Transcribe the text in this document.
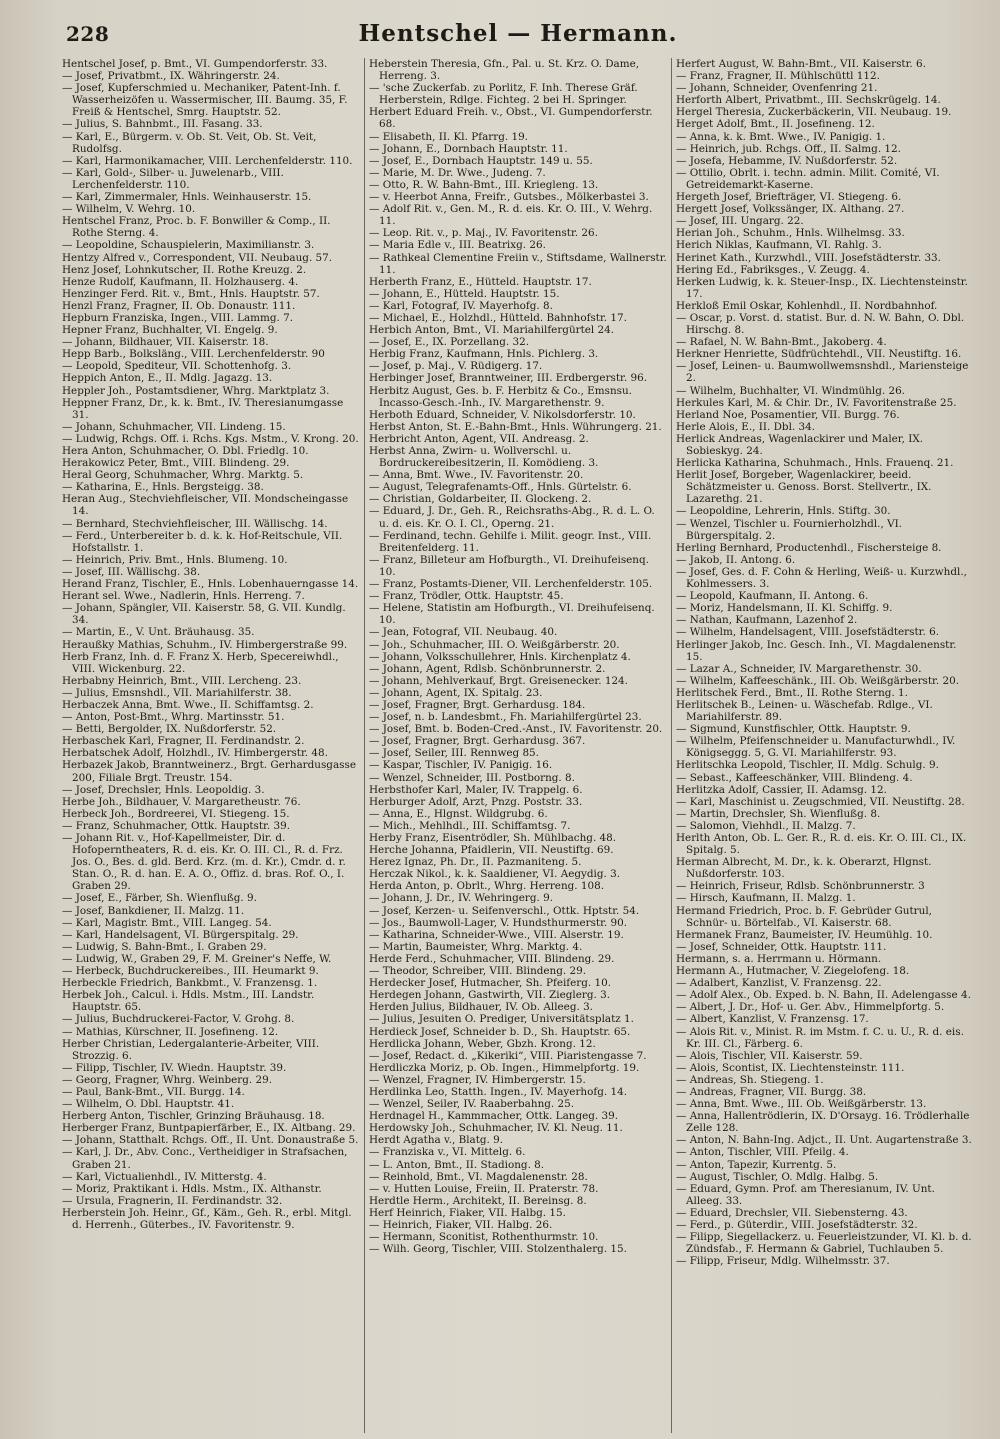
228	Hentschel — Hermann.
Hentschel Josef, p. Bmt., VI. Gumpendorferstr. 33.
— Josef, Privatbmt., IX. Währingerstr. 24.
— Josef, Kupferschmied u. Mechaniker, Patent-Inh. f. Wasserheizöfen u. Wassermischer, III. Baumg. 35, F. Freiß & Hentschel, Smrg. Hauptstr. 52.
— Julius, S. Bahnbmt., III. Fasang. 33.
— Karl, E., Bürgerm. v. Ob. St. Veit, Ob. St. Veit, Rudolfsg.
— Karl, Harmonikamacher, VIII. Lerchenfelderstr. 110.
— Karl, Gold-, Silber- u. Juwelenarb., VIII. Lerchenfelderstr. 110.
— Karl, Zimmermaler, Hnls. Weinhauserstr. 15.
— Wilhelm, V. Wehrg. 10.
Hentschel Franz, Proc. b. F. Bonwiller & Comp., II. Rothe Sterng. 4.
— Leopoldine, Schauspielerin, Maximilianstr. 3.
Hentzy Alfred v., Correspondent, VII. Neubaug. 57.
Henz Josef, Lohnkutscher, II. Rothe Kreuzg. 2.
Henze Rudolf, Kaufmann, II. Holzhauserg. 4.
Henzinger Ferd. Rit. v., Bmt., Hnls. Hauptstr. 57.
Henzl Franz, Fragner, II. Ob. Donaustr. 111.
Hepburn Franziska, Ingen., VIII. Lammg. 7.
Hepner Franz, Buchhalter, VI. Engelg. 9.
— Johann, Bildhauer, VII. Kaiserstr. 18.
Hepp Barb., Bolksläng., VIII. Lerchenfelderstr. 90
— Leopold, Spediteur, VII. Schottenhofg. 3.
Heppich Anton, E., II. Mdlg. Jagazg. 13.
Heppler Joh., Postamtsdiener, Whrg. Marktplatz 3.
Heppner Franz, Dr., k. k. Bmt., IV. Theresianumgasse 31.
— Johann, Schuhmacher, VII. Lindeng. 15.
— Ludwig, Rchgs. Off. i. Rchs. Kgs. Mstm., V. Krong. 20.
Hera Anton, Schuhmacher, O. Dbl. Friedlg. 10.
Herakowicz Peter, Bmt., VIII. Blindeng. 29.
Heral Georg, Schuhmacher, Whrg. Marktg. 5.
— Katharina, E., Hnls. Bergsteigg. 38.
Heran Aug., Stechviehfleischer, VII. Mondscheingasse 14.
— Bernhard, Stechviehfleischer, III. Wällischg. 14.
— Ferd., Unterbereiter b. d. k. k. Hof-Reitschule, VII. Hofstallstr. 1.
— Heinrich, Priv. Bmt., Hnls. Blumeng. 10.
— Josef, III. Wällischg. 38.
Herand Franz, Tischler, E., Hnls. Lobenhauerngasse 14.
Herant sel. Wwe., Nadlerin, Hnls. Herreng. 7.
— Johann, Spängler, VII. Kaiserstr. 58, G. VII. Kundlg. 34.
— Martin, E., V. Unt. Bräuhausg. 35.
Heraußky Mathias, Schuhm., IV. Himbergerstraße 99.
Herb Franz, Inh. d. F. Franz X. Herb, Specereiwhdl., VIII. Wickenburg. 22.
Herbabny Heinrich, Bmt., VIII. Lercheng. 23.
— Julius, Emsnshdl., VII. Mariahilferstr. 38.
Herbaczek Anna, Bmt. Wwe., II. Schiffamtsg. 2.
— Anton, Post-Bmt., Whrg. Martinsstr. 51.
— Betti, Bergolder, IX. Nußdorferstr. 52.
Herbaschek Karl, Fragner, II. Ferdinandstr. 2.
Herbatschek Adolf, Holzhdl., IV. Himbergerstr. 48.
Herbazek Jakob, Branntweinerz., Brgt. Gerhardusgasse 200, Filiale Brgt. Treustr. 154.
— Josef, Drechsler, Hnls. Leopoldig. 3.
Herbe Joh., Bildhauer, V. Margaretheustr. 76.
Herbeck Joh., Bordreerei, VI. Stiegeng. 15.
— Franz, Schuhmacher, Ottk. Hauptstr. 39.
— Johann Rit. v., Hof-Kapellmeister, Dir. d. Hofoperntheaters, R. d. eis. Kr. O. III. Cl., R. d. Frz. Jos. O., Bes. d. gld. Berd. Krz. (m. d. Kr.), Cmdr. d. r. Stan. O., R. d. han. E. A. O., Offiz. d. bras. Rof. O., I. Graben 29.
— Josef, E., Färber, Sh. Wienflußg. 9.
— Josef, Bankdiener, II. Malzg. 11.
— Karl, Magistr. Bmt., VIII. Langeg. 54.
— Karl, Handelsagent, VI. Bürgerspitalg. 29.
— Ludwig, S. Bahn-Bmt., I. Graben 29.
— Ludwig, W., Graben 29, F. M. Greiner's Neffe, W.
— Herbeck, Buchdruckereibes., III. Heumarkt 9.
Herbeckle Friedrich, Bankbmt., V. Franzensg. 1.
Herbek Joh., Calcul. i. Hdls. Mstm., III. Landstr. Hauptstr. 65.
— Julius, Buchdruckerei-Factor, V. Grohg. 8.
— Mathias, Kürschner, II. Josefineng. 12.
Herber Christian, Ledergalanterie-Arbeiter, VIII. Strozzig. 6.
— Filipp, Tischler, IV. Wiedn. Hauptstr. 39.
— Georg, Fragner, Whrg. Weinberg. 29.
— Paul, Bank-Bmt., VII. Burgg. 14.
— Wilhelm, O. Dbl. Hauptstr. 41.
Herberg Anton, Tischler, Grinzing Bräuhausg. 18.
Herberger Franz, Buntpapierfärber, E., IX. Altbang. 29.
— Johann, Statthalt. Rchgs. Off., II. Unt. Donaustraße 5.
— Karl, J. Dr., Abv. Conc., Vertheidiger in Strafsachen, Graben 21.
— Karl, Victualienhdl., IV. Mitterstg. 4.
— Moriz, Praktikant i. Hdls. Mstm., IX. Althanstr.
— Ursula, Fragnerin, II. Ferdinandstr. 32.
Herberstein Joh. Heinr., Gf., Käm., Geh. R., erbl. Mitgl. d. Herrenh., Güterbes., IV. Favoritenstr. 9.
Heberstein Theresia, Gfn., Pal. u. St. Krz. O. Dame, Herreng. 3.
— 'sche Zuckerfab. zu Porlitz, F. Inh. Therese Gräf. Herberstein, Rdlge. Fichteg. 2 bei H. Springer.
Herbert Eduard Freih. v., Obst., VI. Gumpendorferstr. 68.
— Elisabeth, II. Kl. Pfarrg. 19.
— Johann, E., Dornbach Hauptstr. 11.
— Josef, E., Dornbach Hauptstr. 149 u. 55.
— Marie, M. Dr. Wwe., Judeng. 7.
— Otto, R. W. Bahn-Bmt., III. Kriegleng. 13.
— v. Heerbot Anna, Freifr., Gutsbes., Mölkerbastei 3.
— Adolf Rit. v., Gen. M., R. d. eis. Kr. O. III., V. Wehrg. 11.
— Leop. Rit. v., p. Maj., IV. Favoritenstr. 26.
— Maria Edle v., III. Beatrixg. 26.
— Rathkeal Clementine Freiin v., Stiftsdame, Wallnerstr. 11.
Herberth Franz, E., Hütteld. Hauptstr. 17.
— Johann, E., Hütteld. Hauptstr. 15.
— Karl, Fotograf, IV. Mayerhofg. 8.
— Michael, E., Holzhdl., Hütteld. Bahnhofstr. 17.
Herbich Anton, Bmt., VI. Mariahilfergürtel 24.
— Josef, E., IX. Porzellang. 32.
Herbig Franz, Kaufmann, Hnls. Pichlerg. 3.
— Josef, p. Maj., V. Rüdigerg. 17.
Herbinger Josef, Branntweiner, III. Erdbergerstr. 96.
Herbitz August, Ges. b. F. Herbitz & Co., Emsnsu. Incasso-Gesch.-Inh., IV. Margarethenstr. 9.
Herboth Eduard, Schneider, V. Nikolsdorferstr. 10.
Herbst Anton, St. E.-Bahn-Bmt., Hnls. Wührungerg. 21.
Herbricht Anton, Agent, VII. Andreasg. 2.
Herbst Anna, Zwirn- u. Wollverschl. u. Bordruckereibesitzerin, II. Komödieng. 3.
— Anna, Bmt. Wwe., IV. Favoritenstr. 20.
— August, Telegrafenamts-Off., Hnls. Gürtelstr. 6.
— Christian, Goldarbeiter, II. Glockeng. 2.
— Eduard, J. Dr., Geh. R., Reichsraths-Abg., R. d. L. O. u. d. eis. Kr. O. I. Cl., Operng. 21.
— Ferdinand, techn. Gehilfe i. Milit. geogr. Inst., VIII. Breitenfelderg. 11.
— Franz, Billeteur am Hofburgth., VI. Dreihufeisenq. 10.
— Franz, Postamts-Diener, VII. Lerchenfelderstr. 105.
— Franz, Trödler, Ottk. Hauptstr. 45.
— Helene, Statistin am Hofburgth., VI. Dreihufeisenq. 10.
— Jean, Fotograf, VII. Neubaug. 40.
— Joh., Schuhmacher, III. O. Weißgärberstr. 20.
— Johann, Volksschullehrer, Hnls. Kirchenplatz 4.
— Johann, Agent, Rdlsb. Schönbrunnerstr. 2.
— Johann, Mehlverkauf, Brgt. Greisenecker. 124.
— Johann, Agent, IX. Spitalg. 23.
— Josef, Fragner, Brgt. Gerhardusg. 184.
— Josef, n. b. Landesbmt., Fh. Mariahilfergürtel 23.
— Josef, Bmt. b. Boden-Cred.-Anst., IV. Favoritenstr. 20.
— Josef, Fragner, Brgt. Gerhardusg. 367.
— Josef, Seiler, III. Rennweg 85.
— Kaspar, Tischler, IV. Panigig. 16.
— Wenzel, Schneider, III. Postborng. 8.
Herbsthofer Karl, Maler, IV. Trappelg. 6.
Herburger Adolf, Arzt, Pnzg. Poststr. 33.
— Anna, E., Hlgnst. Wildgrubg. 6.
— Mich., Mehlhdl., III. Schiffamtsg. 7.
Herby Franz, Eisentrödler, Sh. Mühlbachg. 48.
Herche Johanna, Pfaidlerin, VII. Neustiftg. 69.
Herez Ignaz, Ph. Dr., II. Pazmaniteng. 5.
Herczak Nikol., k. k. Saaldiener, VI. Aegydig. 3.
Herda Anton, p. Obrlt., Whrg. Herreng. 108.
— Johann, J. Dr., IV. Wehringerg. 9.
— Josef, Kerzen- u. Seifenverschl., Ottk. Hptstr. 54.
— Jos., Baumwoll-Lager, V. Hundsthurmerstr. 90.
— Katharina, Schneider-Wwe., VIII. Alserstr. 19.
— Martin, Baumeister, Whrg. Marktg. 4.
Herde Ferd., Schuhmacher, VIII. Blindeng. 29.
— Theodor, Schreiber, VIII. Blindeng. 29.
Herdecker Josef, Hutmacher, Sh. Pfeiferg. 10.
Herdegen Johann, Gastwirth, VII. Zieglerg. 3.
Herden Julius, Bildhauer, IV. Ob. Alleeg. 3.
— Julius, Jesuiten O. Prediger, Universitätsplatz 1.
Herdieck Josef, Schneider b. D., Sh. Hauptstr. 65.
Herdlicka Johann, Weber, Gbzh. Krong. 12.
— Josef, Redact. d. „Kikeriki“, VIII. Piaristengasse 7.
Herdliczka Moriz, p. Ob. Ingen., Himmelpfortg. 19.
— Wenzel, Fragner, IV. Himbergerstr. 15.
Herdlinka Leo, Statth. Ingen., IV. Mayerhofg. 14.
— Wenzel, Seiler, IV. Raaberbahng. 25.
Herdnagel H., Kammmacher, Ottk. Langeg. 39.
Herdowsky Joh., Schuhmacher, IV. Kl. Neug. 11.
Herdt Agatha v., Blatg. 9.
— Franziska v., VI. Mittelg. 6.
— L. Anton, Bmt., II. Stadiong. 8.
— Reinhold, Bmt., VI. Magdalenenstr. 28.
— v. Hutten Louise, Freiin, II. Praterstr. 78.
Herdtle Herm., Architekt, II. Bereinsg. 8.
Herf Heinrich, Fiaker, VII. Halbg. 15.
— Heinrich, Fiaker, VII. Halbg. 26.
— Hermann, Sconitist, Rothenthurmstr. 10.
— Wilh. Georg, Tischler, VIII. Stolzenthalerg. 15.
Herfert August, W. Bahn-Bmt., VII. Kaiserstr. 6.
— Franz, Fragner, II. Mühlschüttl 112.
— Johann, Schneider, Ovenfenring 21.
Herforth Albert, Privatbmt., III. Sechskrügelg. 14.
Hergel Theresia, Zuckerbäckerin, VII. Neubaug. 19.
Herget Adolf, Bmt., II. Josefineng. 12.
— Anna, k. k. Bmt. Wwe., IV. Panigig. 1.
— Heinrich, jub. Rchgs. Off., II. Salmg. 12.
— Josefa, Hebamme, IV. Nußdorferstr. 52.
— Ottilio, Obrlt. i. techn. admin. Milit. Comité, VI. Getreidemarkt-Kaserne.
Hergeth Josef, Briefträger, VI. Stiegeng. 6.
Hergett Josef, Volkssänger, IX. Althang. 27.
— Josef, III. Ungarg. 22.
Herian Joh., Schuhm., Hnls. Wilhelmsg. 33.
Herich Niklas, Kaufmann, VI. Rahlg. 3.
Herinet Kath., Kurzwhdl., VIII. Josefstädterstr. 33.
Hering Ed., Fabriksges., V. Zeugg. 4.
Herken Ludwig, k. k. Steuer-Insp., IX. Liechtensteinstr. 17.
Herkloß Emil Oskar, Kohlenhdl., II. Nordbahnhof.
— Oscar, p. Vorst. d. statist. Bur. d. N. W. Bahn, O. Dbl. Hirschg. 8.
— Rafael, N. W. Bahn-Bmt., Jakoberg. 4.
Herkner Henriette, Südfrüchtehdl., VII. Neustiftg. 16.
— Josef, Leinen- u. Baumwollwemsnshdl., Mariensteige 2.
— Wilhelm, Buchhalter, VI. Windmühlg. 26.
Herkules Karl, M. & Chir. Dr., IV. Favoritenstraße 25.
Herland Noe, Posamentier, VII. Burgg. 76.
Herle Alois, E., II. Dbl. 34.
Herlick Andreas, Wagenlackirer und Maler, IX. Sobieskyg. 24.
Herlicka Katharina, Schuhmach., Hnls. Frauenq. 21.
Herlit Josef, Borgeber, Wagenlackirer, beeid. Schätzmeister u. Genoss. Borst. Stellvertr., IX. Lazarethg. 21.
— Leopoldine, Lehrerin, Hnls. Stiftg. 30.
— Wenzel, Tischler u. Fournierholzhdl., VI. Bürgerspitalg. 2.
Herling Bernhard, Productenhdl., Fischersteige 8.
— Jakob, II. Antong. 6.
— Josef, Ges. d. F. Cohn & Herling, Weiß- u. Kurzwhdl., Kohlmessers. 3.
— Leopold, Kaufmann, II. Antong. 6.
— Moriz, Handelsmann, II. Kl. Schiffg. 9.
— Nathan, Kaufmann, Lazenhof 2.
— Wilhelm, Handelsagent, VIII. Josefstädterstr. 6.
Herlinger Jakob, Inc. Gesch. Inh., VI. Magdalenenstr. 15.
— Lazar A., Schneider, IV. Margarethenstr. 30.
— Wilhelm, Kaffeeschänk., III. Ob. Weißgärberstr. 20.
Herlitschek Ferd., Bmt., II. Rothe Sterng. 1.
Herlitschek B., Leinen- u. Wäschefab. Rdlge., VI. Mariahilferstr. 89.
— Sigmund, Kunstfischler, Ottk. Hauptstr. 9.
— Wilhelm, Pfeifenschneider u. Manufacturwhdl., IV. Königseggg. 5, G. VI. Mariahilferstr. 93.
Herlitschka Leopold, Tischler, II. Mdlg. Schulg. 9.
— Sebast., Kaffeeschänker, VIII. Blindeng. 4.
Herlitzka Adolf, Cassier, II. Adamsg. 12.
— Karl, Maschinist u. Zeugschmied, VII. Neustiftg. 28.
— Martin, Drechsler, Sh. Wienflußg. 8.
— Salomon, Viehhdl., II. Malzg. 7.
Herlth Anton, Ob. L. Ger. R., R. d. eis. Kr. O. III. Cl., IX. Spitalg. 5.
Herman Albrecht, M. Dr., k. k. Oberarzt, Hlgnst. Nußdorferstr. 103.
— Heinrich, Friseur, Rdlsb. Schönbrunnerstr. 3
— Hirsch, Kaufmann, II. Malzg. 1.
Hermand Friedrich, Proc. b. F. Gebrüder Gutrul, Schnür- u. Börtelfab., VI. Kaiserstr. 68.
Hermanek Franz, Baumeister, IV. Heumühlg. 10.
— Josef, Schneider, Ottk. Hauptstr. 111.
Hermann, s. a. Herrmann u. Hörmann.
Hermann A., Hutmacher, V. Ziegelofeng. 18.
— Adalbert, Kanzlist, V. Franzensg. 22.
— Adolf Alex., Ob. Exped. b. N. Bahn, II. Adelengasse 4.
— Albert, J. Dr., Hof- u. Ger. Abv., Himmelpfortg. 5.
— Albert, Kanzlist, V. Franzensg. 17.
— Alois Rit. v., Minist. R. im Mstm. f. C. u. U., R. d. eis. Kr. III. Cl., Färberg. 6.
— Alois, Tischler, VII. Kaiserstr. 59.
— Alois, Scontist, IX. Liechtensteinstr. 111.
— Andreas, Sh. Stiegeng. 1.
— Andreas, Fragner, VII. Burgg. 38.
— Anna, Bmt. Wwe., III. Ob. Weißgärberstr. 13.
— Anna, Hallentrödlerin, IX. D'Orsayg. 16. Trödlerhalle Zelle 128.
— Anton, N. Bahn-Ing. Adjct., II. Unt. Augartenstraße 3.
— Anton, Tischler, VIII. Pfeilg. 4.
— Anton, Tapezir, Kurrentg. 5.
— August, Tischler, O. Mdlg. Halbg. 5.
— Eduard, Gymn. Prof. am Theresianum, IV. Unt. Alleeg. 33.
— Eduard, Drechsler, VII. Siebensterng. 43.
— Ferd., p. Güterdir., VIII. Josefstädterstr. 32.
— Filipp, Siegellackerz. u. Feuerleistzunder, VI. Kl. b. d. Zündsfab., F. Hermann & Gabriel, Tuchlauben 5.
— Filipp, Friseur, Mdlg. Wilhelmsstr. 37.
